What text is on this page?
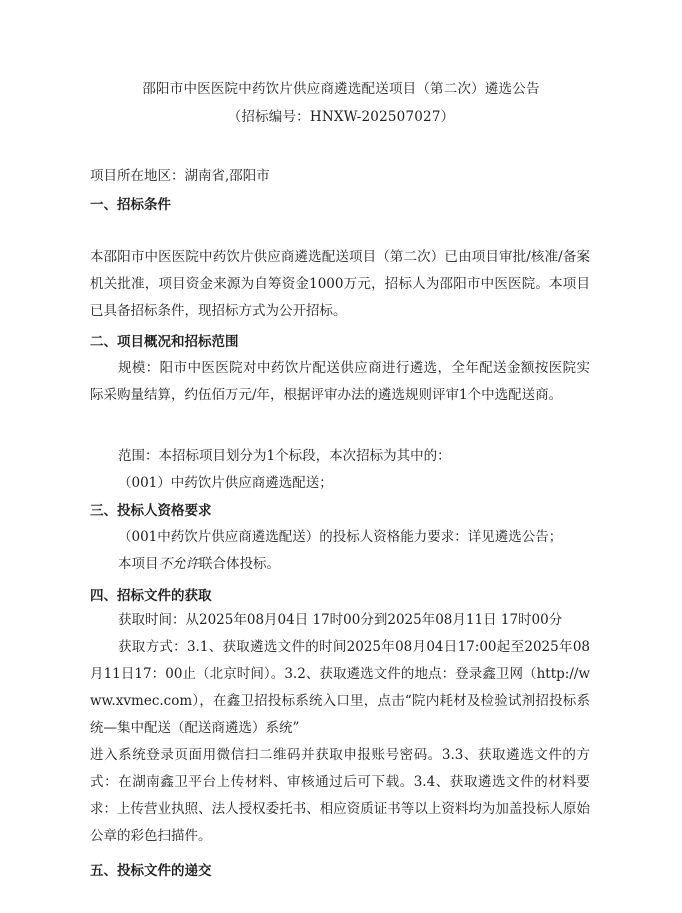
邵阳市中医医院中药饮片供应商遴选配送项目（第二次）遴选公告
（招标编号：HNXW-202507027）
项目所在地区：湖南省,邵阳市
一、招标条件
本邵阳市中医医院中药饮片供应商遴选配送项目（第二次）已由项目审批/核准/备案机关批准，项目资金来源为自筹资金1000万元，招标人为邵阳市中医医院。本项目已具备招标条件，现招标方式为公开招标。
二、项目概况和招标范围
规模：阳市中医医院对中药饮片配送供应商进行遴选，全年配送金额按医院实际采购量结算，约伍佰万元/年，根据评审办法的遴选规则评审1个中选配送商。
范围：本招标项目划分为1个标段，本次招标为其中的：
（001）中药饮片供应商遴选配送；
三、投标人资格要求
（001中药饮片供应商遴选配送）的投标人资格能力要求：详见遴选公告；
本项目不允许联合体投标。
四、招标文件的获取
获取时间：从2025年08月04日 17时00分到2025年08月11日 17时00分
获取方式：3.1、获取遴选文件的时间2025年08月04日17:00起至2025年08月11日17：00止（北京时间）。3.2、获取遴选文件的地点：登录鑫卫网（http://www.xvmec.com），在鑫卫招投标系统入口里，点击“院内耗材及检验试剂招投标系统—集中配送（配送商遴选）系统”
进入系统登录页面用微信扫二维码并获取申报账号密码。3.3、获取遴选文件的方式：在湖南鑫卫平台上传材料、审核通过后可下载。3.4、获取遴选文件的材料要求：上传营业执照、法人授权委托书、相应资质证书等以上资料均为加盖投标人原始公章的彩色扫描件。
五、投标文件的递交
